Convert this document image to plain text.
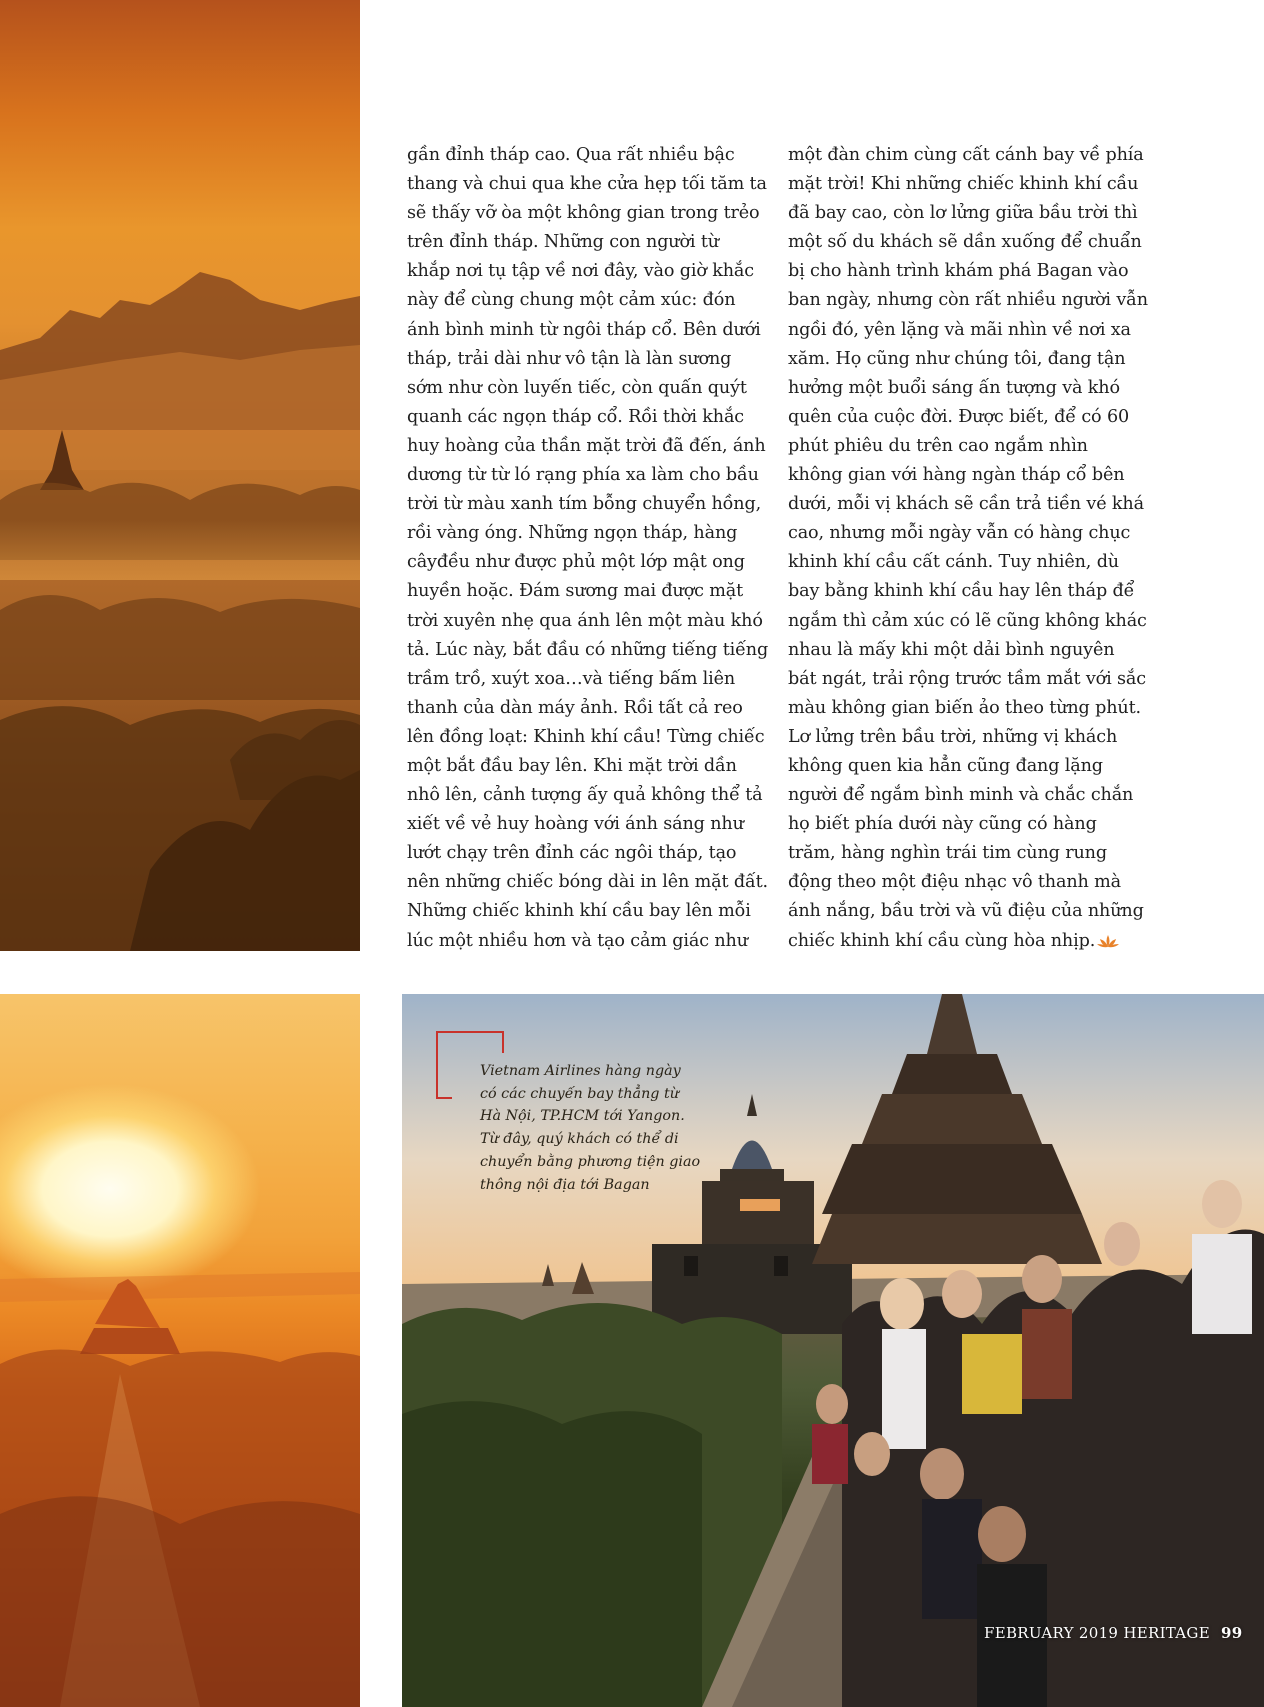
gần đỉnh tháp cao. Qua rất nhiều bậc
thang và chui qua khe cửa hẹp tối tăm ta
sẽ thấy vỡ òa một không gian trong trẻo
trên đỉnh tháp. Những con người từ
khắp nơi tụ tập về nơi đây, vào giờ khắc
này để cùng chung một cảm xúc: đón
ánh bình minh từ ngôi tháp cổ. Bên dưới
tháp, trải dài như vô tận là làn sương
sớm như còn luyến tiếc, còn quấn quýt
quanh các ngọn tháp cổ. Rồi thời khắc
huy hoàng của thần mặt trời đã đến, ánh
dương từ từ ló rạng phía xa làm cho bầu
trời từ màu xanh tím bỗng chuyển hồng,
rồi vàng óng. Những ngọn tháp, hàng
câyđều như được phủ một lớp mật ong
huyền hoặc. Đám sương mai được mặt
trời xuyên nhẹ qua ánh lên một màu khó
tả. Lúc này, bắt đầu có những tiếng tiếng
trầm trồ, xuýt xoa…và tiếng bấm liên
thanh của dàn máy ảnh. Rồi tất cả reo
lên đồng loạt: Khinh khí cầu! Từng chiếc
một bắt đầu bay lên. Khi mặt trời dần
nhô lên, cảnh tượng ấy quả không thể tả
xiết về vẻ huy hoàng với ánh sáng như
lướt chạy trên đỉnh các ngôi tháp, tạo
nên những chiếc bóng dài in lên mặt đất.
Những chiếc khinh khí cầu bay lên mỗi
lúc một nhiều hơn và tạo cảm giác như
một đàn chim cùng cất cánh bay về phía
mặt trời! Khi những chiếc khinh khí cầu
đã bay cao, còn lơ lửng giữa bầu trời thì
một số du khách sẽ dần xuống để chuẩn
bị cho hành trình khám phá Bagan vào
ban ngày, nhưng còn rất nhiều người vẫn
ngồi đó, yên lặng và mãi nhìn về nơi xa
xăm. Họ cũng như chúng tôi, đang tận
hưởng một buổi sáng ấn tượng và khó
quên của cuộc đời. Được biết, để có 60
phút phiêu du trên cao ngắm nhìn
không gian với hàng ngàn tháp cổ bên
dưới, mỗi vị khách sẽ cần trả tiền vé khá
cao, nhưng mỗi ngày vẫn có hàng chục
khinh khí cầu cất cánh. Tuy nhiên, dù
bay bằng khinh khí cầu hay lên tháp để
ngắm thì cảm xúc có lẽ cũng không khác
nhau là mấy khi một dải bình nguyên
bát ngát, trải rộng trước tầm mắt với sắc
màu không gian biến ảo theo từng phút.
Lơ lửng trên bầu trời, những vị khách
không quen kia hẳn cũng đang lặng
người để ngắm bình minh và chắc chắn
họ biết phía dưới này cũng có hàng
trăm, hàng nghìn trái tim cùng rung
động theo một điệu nhạc vô thanh mà
ánh nắng, bầu trời và vũ điệu của những
chiếc khinh khí cầu cùng hòa nhịp.
Vietnam Airlines hàng ngày
có các chuyến bay thẳng từ
Hà Nội, TP.HCM tới Yangon.
Từ đây, quý khách có thể di
chuyển bằng phương tiện giao
thông nội địa tới Bagan
FEBRUARY 2019 HERITAGE 99
